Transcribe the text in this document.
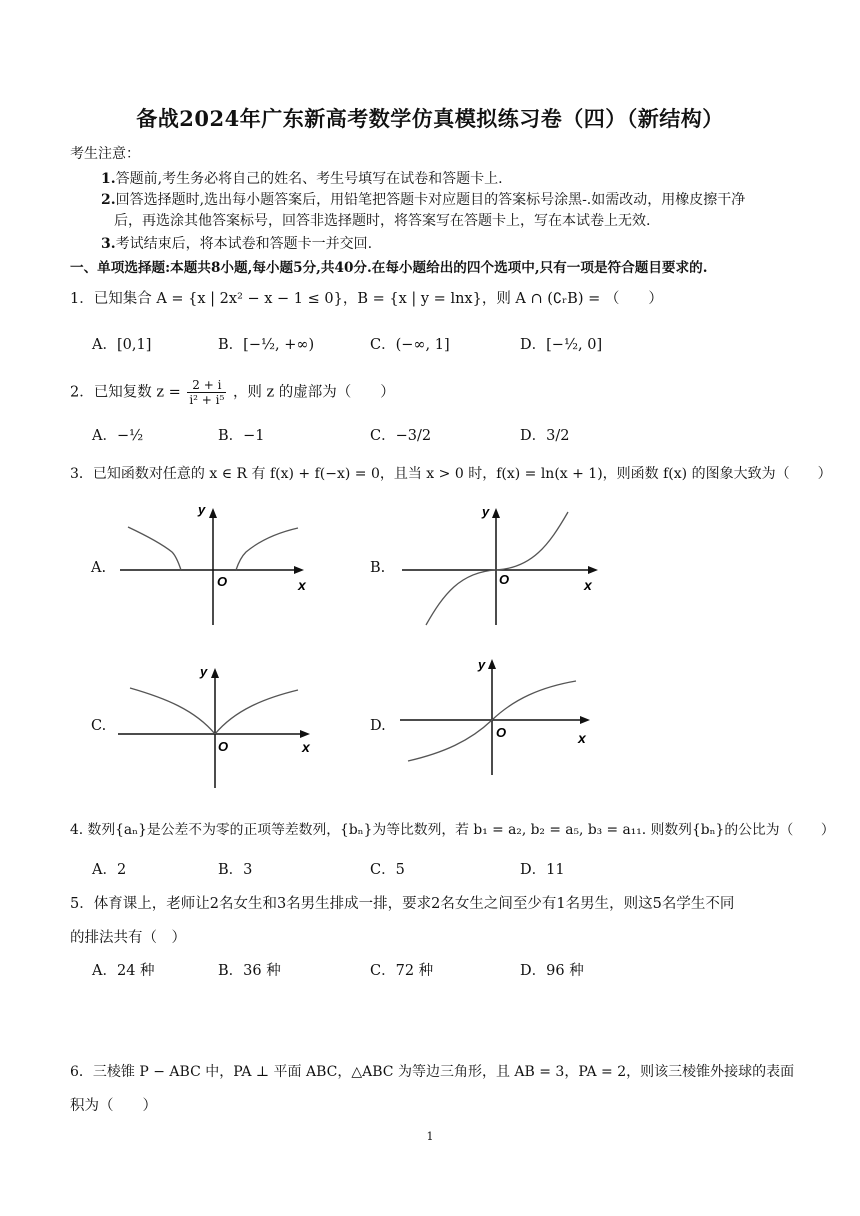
备战2024年广东新高考数学仿真模拟练习卷（四）（新结构）
考生注意：
1.答题前,考生务必将自己的姓名、考生号填写在试卷和答题卡上.
2.回答选择题时,选出每小题答案后，用铅笔把答题卡对应题目的答案标号涂黑-.如需改动，用橡皮擦干净
后，再选涂其他答案标号，回答非选择题时，将答案写在答题卡上，写在本试卷上无效.
3.考试结束后，将本试卷和答题卡一并交回.
一、单项选择题:本题共8小题,每小题5分,共40分.在每小题给出的四个选项中,只有一项是符合题目要求的.
1．已知集合 A = {x | 2x² − x − 1 ≤ 0}，B = {x | y = lnx}，则 A ∩ (∁ᵣB) = （　　）
A．[0,1]	B．[−½, +∞)	C．(−∞, 1]	D．[−½, 0]
2．已知复数 $z = \frac{2 + i}{\text{i² + i⁵}}$ ，则 z 的虚部为（　　）
A．−½	B．−1	C．−3/2	D．3/2
3．已知函数对任意的 x ∈ R 有 f(x) + f(−x) = 0，且当 x > 0 时，f(x) = ln(x + 1)，则函数 f(x) 的图象大致为（　　）
A.	B.
C.	D.
y
x
O
y
x
O
y
x
O
y
x
O
4. 数列{aₙ}是公差不为零的正项等差数列，{bₙ}为等比数列，若 b₁ = a₂, b₂ = a₅, b₃ = a₁₁. 则数列{bₙ}的公比为（　　）
A．2	B．3	C．5	D．11
5．体育课上，老师让2名女生和3名男生排成一排，要求2名女生之间至少有1名男生，则这5名学生不同
的排法共有（　）
A．24 种	B．36 种	C．72 种	D．96 种
6．三棱锥 P − ABC 中，PA ⊥ 平面 ABC，△ABC 为等边三角形，且 AB = 3，PA = 2，则该三棱锥外接球的表面
积为（　　）
1
